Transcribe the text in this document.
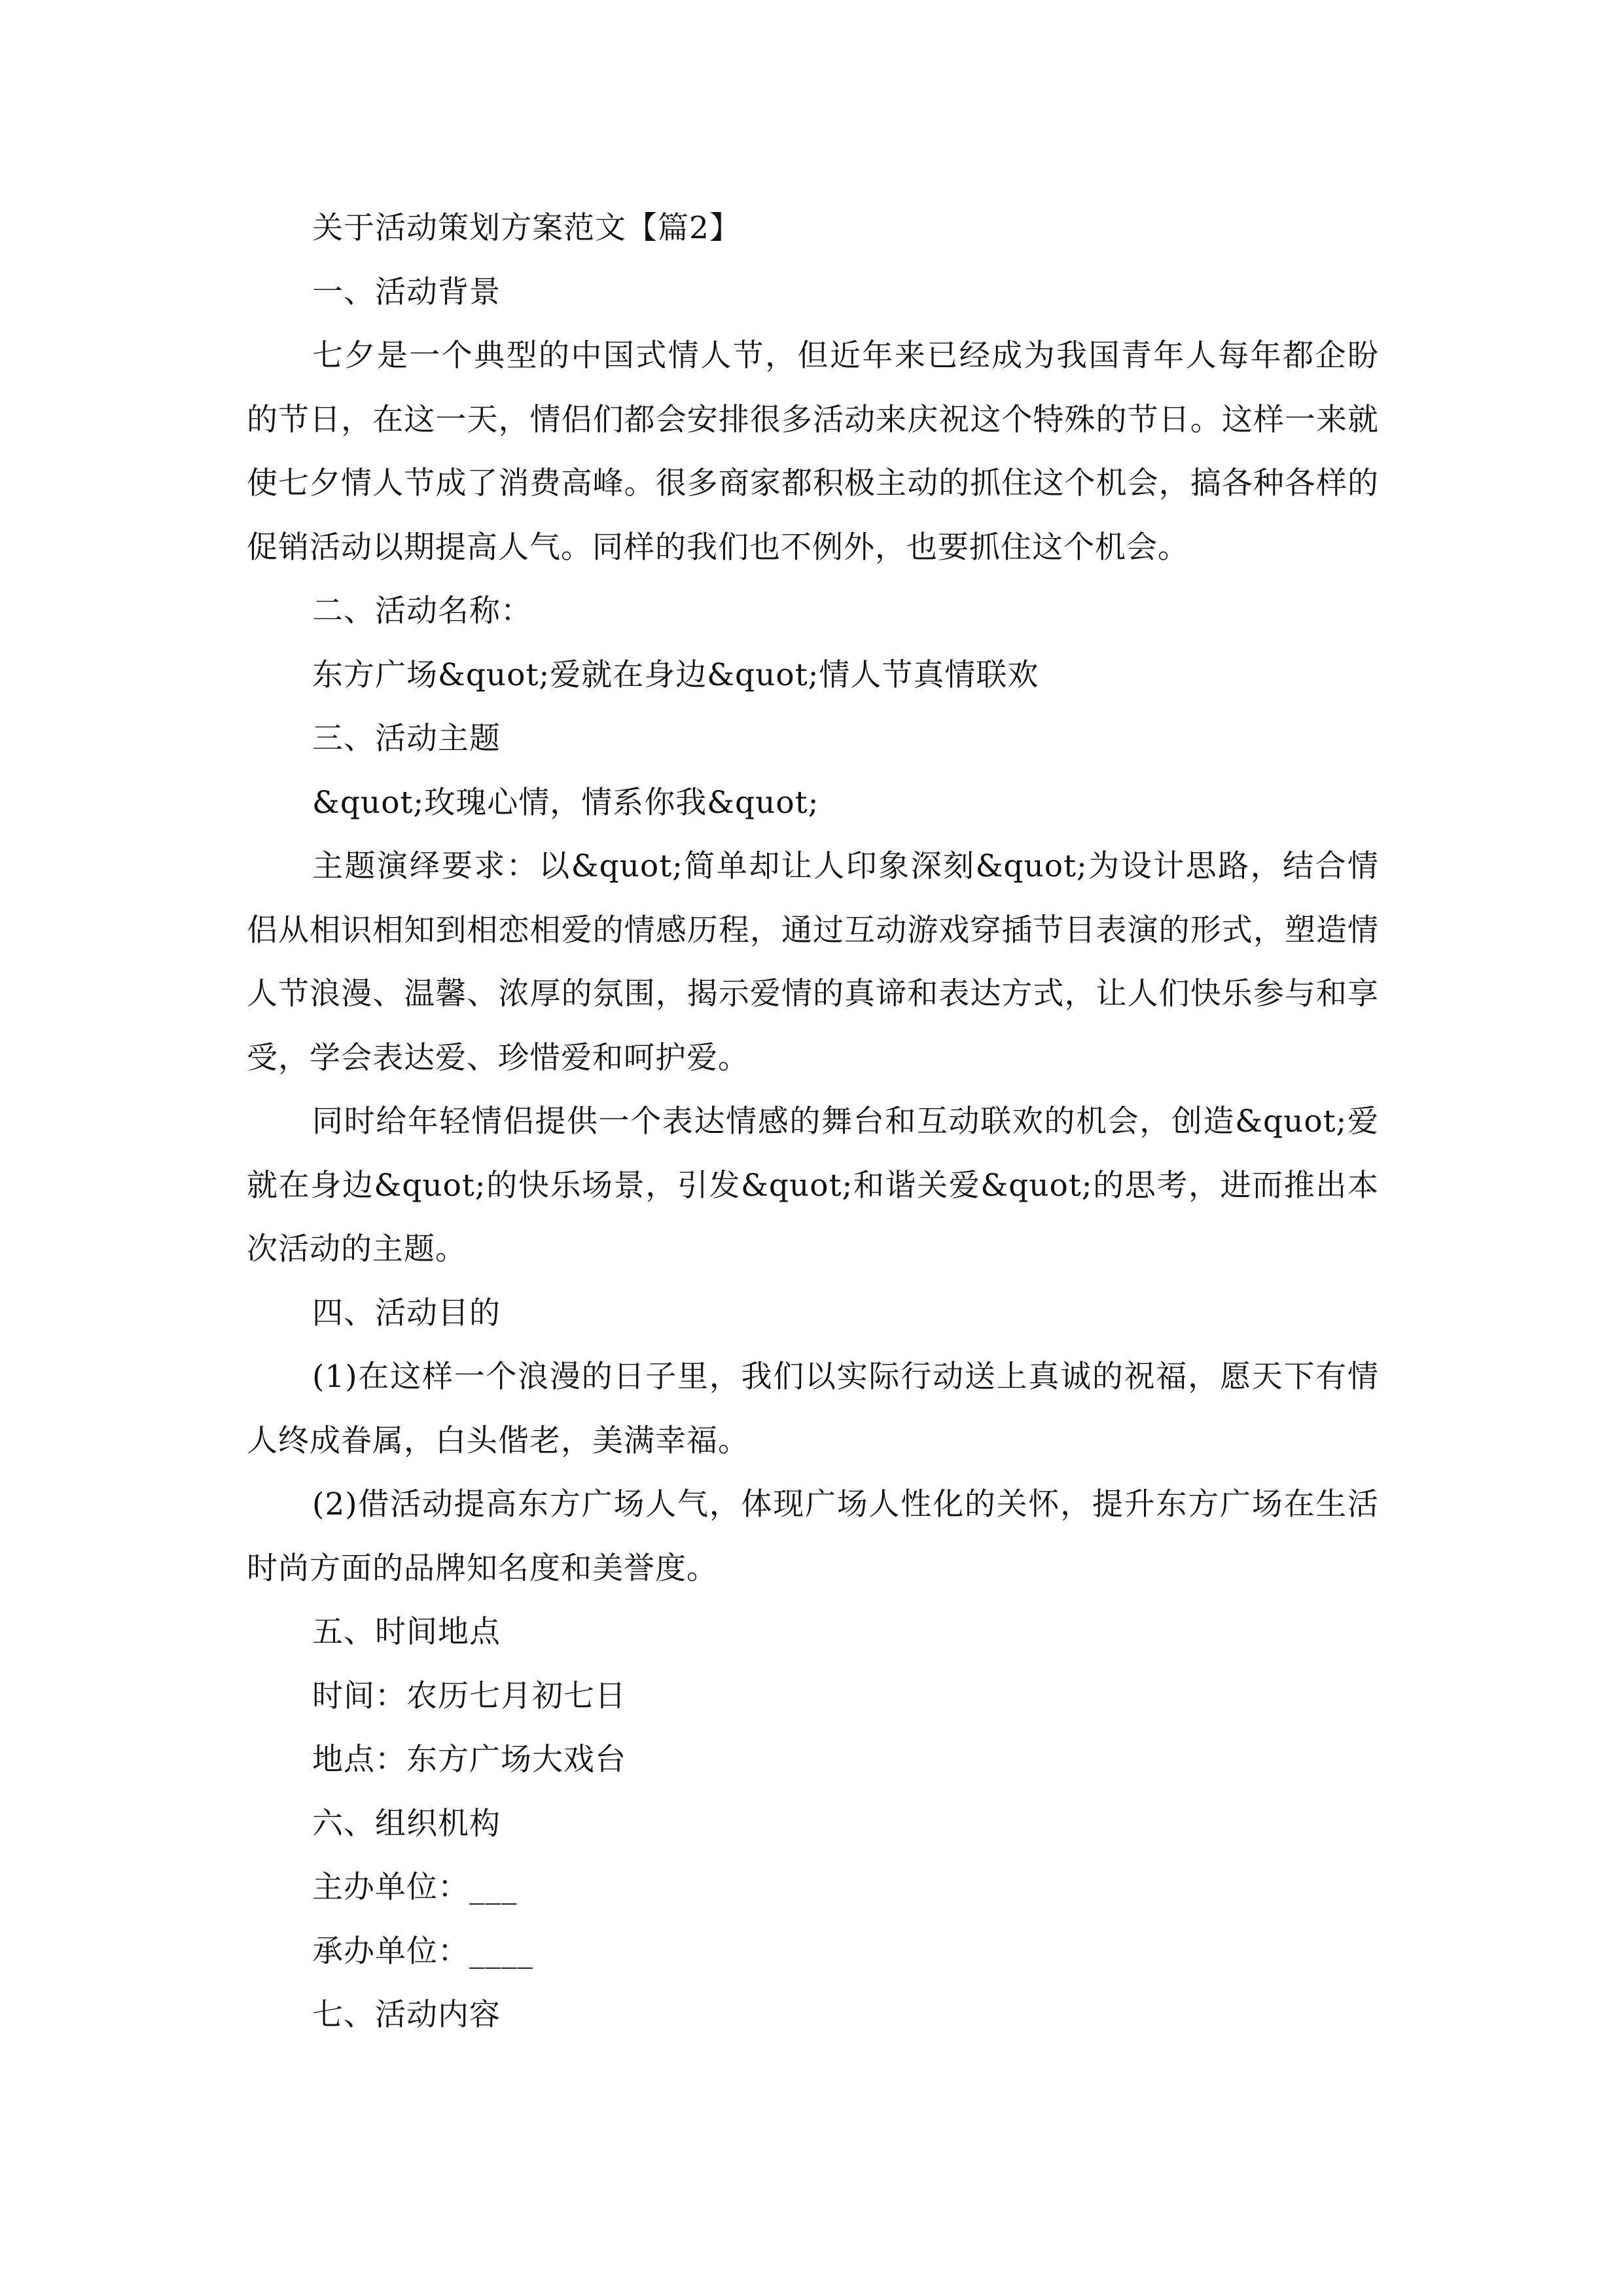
关于活动策划方案范文【篇2】

一、活动背景

七夕是一个典型的中国式情人节，但近年来已经成为我国青年人每年都企盼的节日，在这一天，情侣们都会安排很多活动来庆祝这个特殊的节日。这样一来就使七夕情人节成了消费高峰。很多商家都积极主动的抓住这个机会，搞各种各样的促销活动以期提高人气。同样的我们也不例外，也要抓住这个机会。

二、活动名称：

东方广场&quot;爱就在身边&quot;情人节真情联欢

三、活动主题

&quot;玫瑰心情，情系你我&quot;

主题演绎要求：以&quot;简单却让人印象深刻&quot;为设计思路，结合情侣从相识相知到相恋相爱的情感历程，通过互动游戏穿插节目表演的形式，塑造情人节浪漫、温馨、浓厚的氛围，揭示爱情的真谛和表达方式，让人们快乐参与和享受，学会表达爱、珍惜爱和呵护爱。

同时给年轻情侣提供一个表达情感的舞台和互动联欢的机会，创造&quot;爱就在身边&quot;的快乐场景，引发&quot;和谐关爱&quot;的思考，进而推出本次活动的主题。

四、活动目的

(1)在这样一个浪漫的日子里，我们以实际行动送上真诚的祝福，愿天下有情人终成眷属，白头偕老，美满幸福。

(2)借活动提高东方广场人气，体现广场人性化的关怀，提升东方广场在生活时尚方面的品牌知名度和美誉度。

五、时间地点

时间：农历七月初七日

地点：东方广场大戏台

六、组织机构

主办单位：___

承办单位：____

七、活动内容
